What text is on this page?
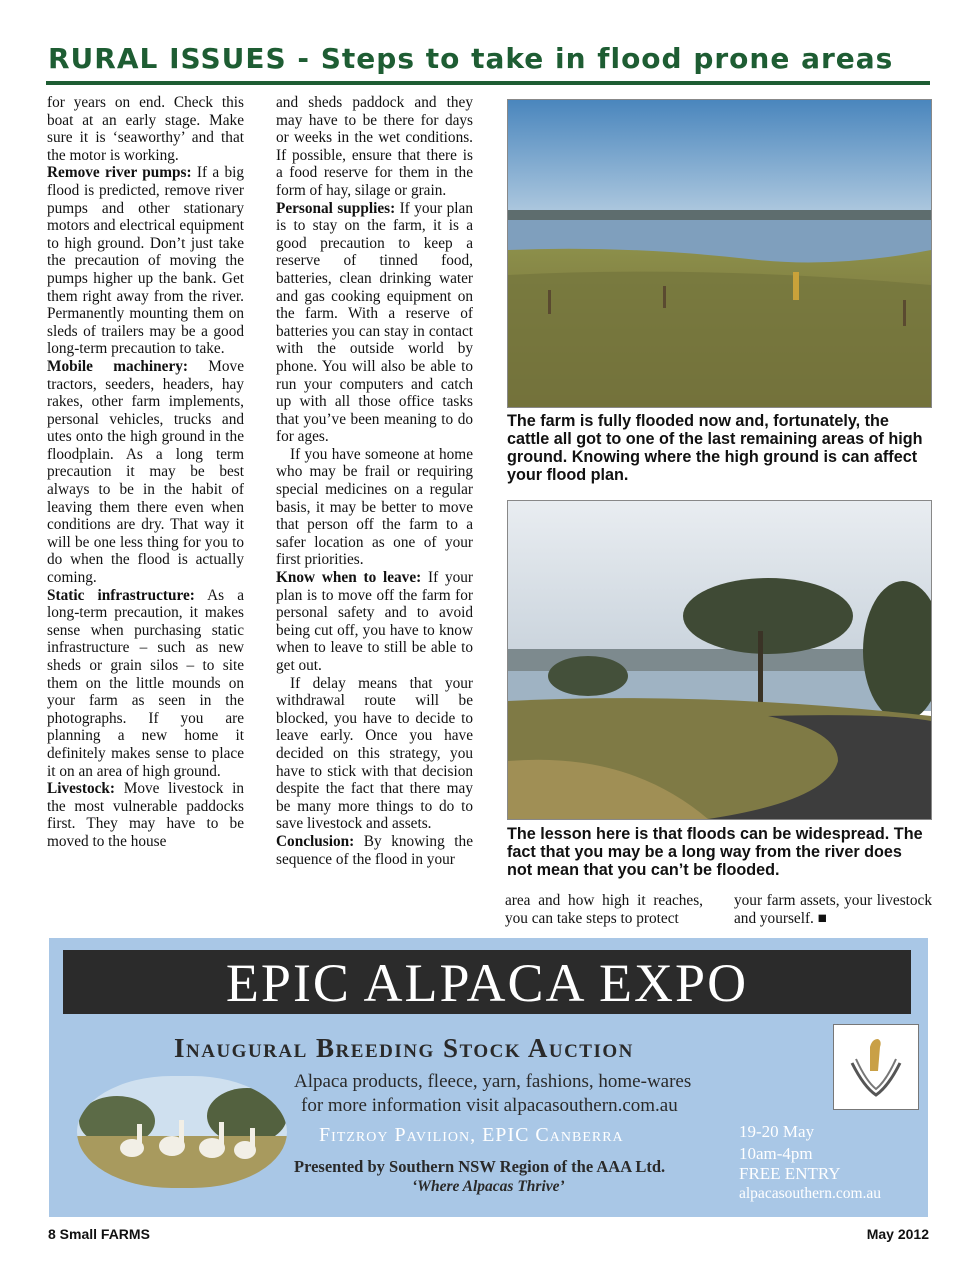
RURAL ISSUES - Steps to take in flood prone areas

for years on end. Check this boat at an early stage. Make sure it is ‘seaworthy’ and that the motor is working.

Remove river pumps: If a big flood is predicted, remove river pumps and other stationary motors and electrical equipment to high ground. Don’t just take the precaution of moving the pumps higher up the bank. Get them right away from the river. Permanently mounting them on sleds of trailers may be a good long-term precaution to take.

Mobile machinery: Move tractors, seeders, headers, hay rakes, other farm implements, personal vehicles, trucks and utes onto the high ground in the floodplain. As a long term precaution it may be best always to be in the habit of leaving them there even when conditions are dry. That way it will be one less thing for you to do when the flood is actually coming.

Static infrastructure: As a long-term precaution, it makes sense when purchasing static infrastructure – such as new sheds or grain silos – to site them on the little mounds on your farm as seen in the photographs. If you are planning a new home it definitely makes sense to place it on an area of high ground.

Livestock: Move livestock in the most vulnerable paddocks first. They may have to be moved to the house

and sheds paddock and they may have to be there for days or weeks in the wet conditions. If possible, ensure that there is a food reserve for them in the form of hay, silage or grain.

Personal supplies: If your plan is to stay on the farm, it is a good precaution to keep a reserve of tinned food, batteries, clean drinking water and gas cooking equipment on the farm. With a reserve of batteries you can stay in contact with the outside world by phone. You will also be able to run your computers and catch up with all those office tasks that you’ve been meaning to do for ages.

If you have someone at home who may be frail or requiring special medicines on a regular basis, it may be better to move that person off the farm to a safer location as one of your first priorities.

Know when to leave: If your plan is to move off the farm for personal safety and to avoid being cut off, you have to know when to leave to still be able to get out.

If delay means that your withdrawal route will be blocked, you have to decide to leave early. Once you have decided on this strategy, you have to stick with that decision despite the fact that there may be many more things to do to save livestock and assets.

Conclusion: By knowing the sequence of the flood in your

The farm is fully flooded now and, fortunately, the cattle all got to one of the last remaining areas of high ground. Knowing where the high ground is can affect your flood plan.
The lesson here is that floods can be widespread. The fact that you may be a long way from the river does not mean that you can’t be flooded.

area and how high it reaches, you can take steps to protect

your farm assets, your livestock and yourself. ■

EPIC ALPACA EXPO
Inaugural Breeding Stock Auction
Alpaca products, fleece, yarn, fashions, home-wares
for more information visit alpacasouthern.com.au
Fitzroy Pavilion, EPIC Canberra
Presented by Southern NSW Region of the AAA Ltd.
‘Where Alpacas Thrive’
19-20 May
10am-4pm
FREE ENTRY
alpacasouthern.com.au
8 Small FARMS	May 2012
